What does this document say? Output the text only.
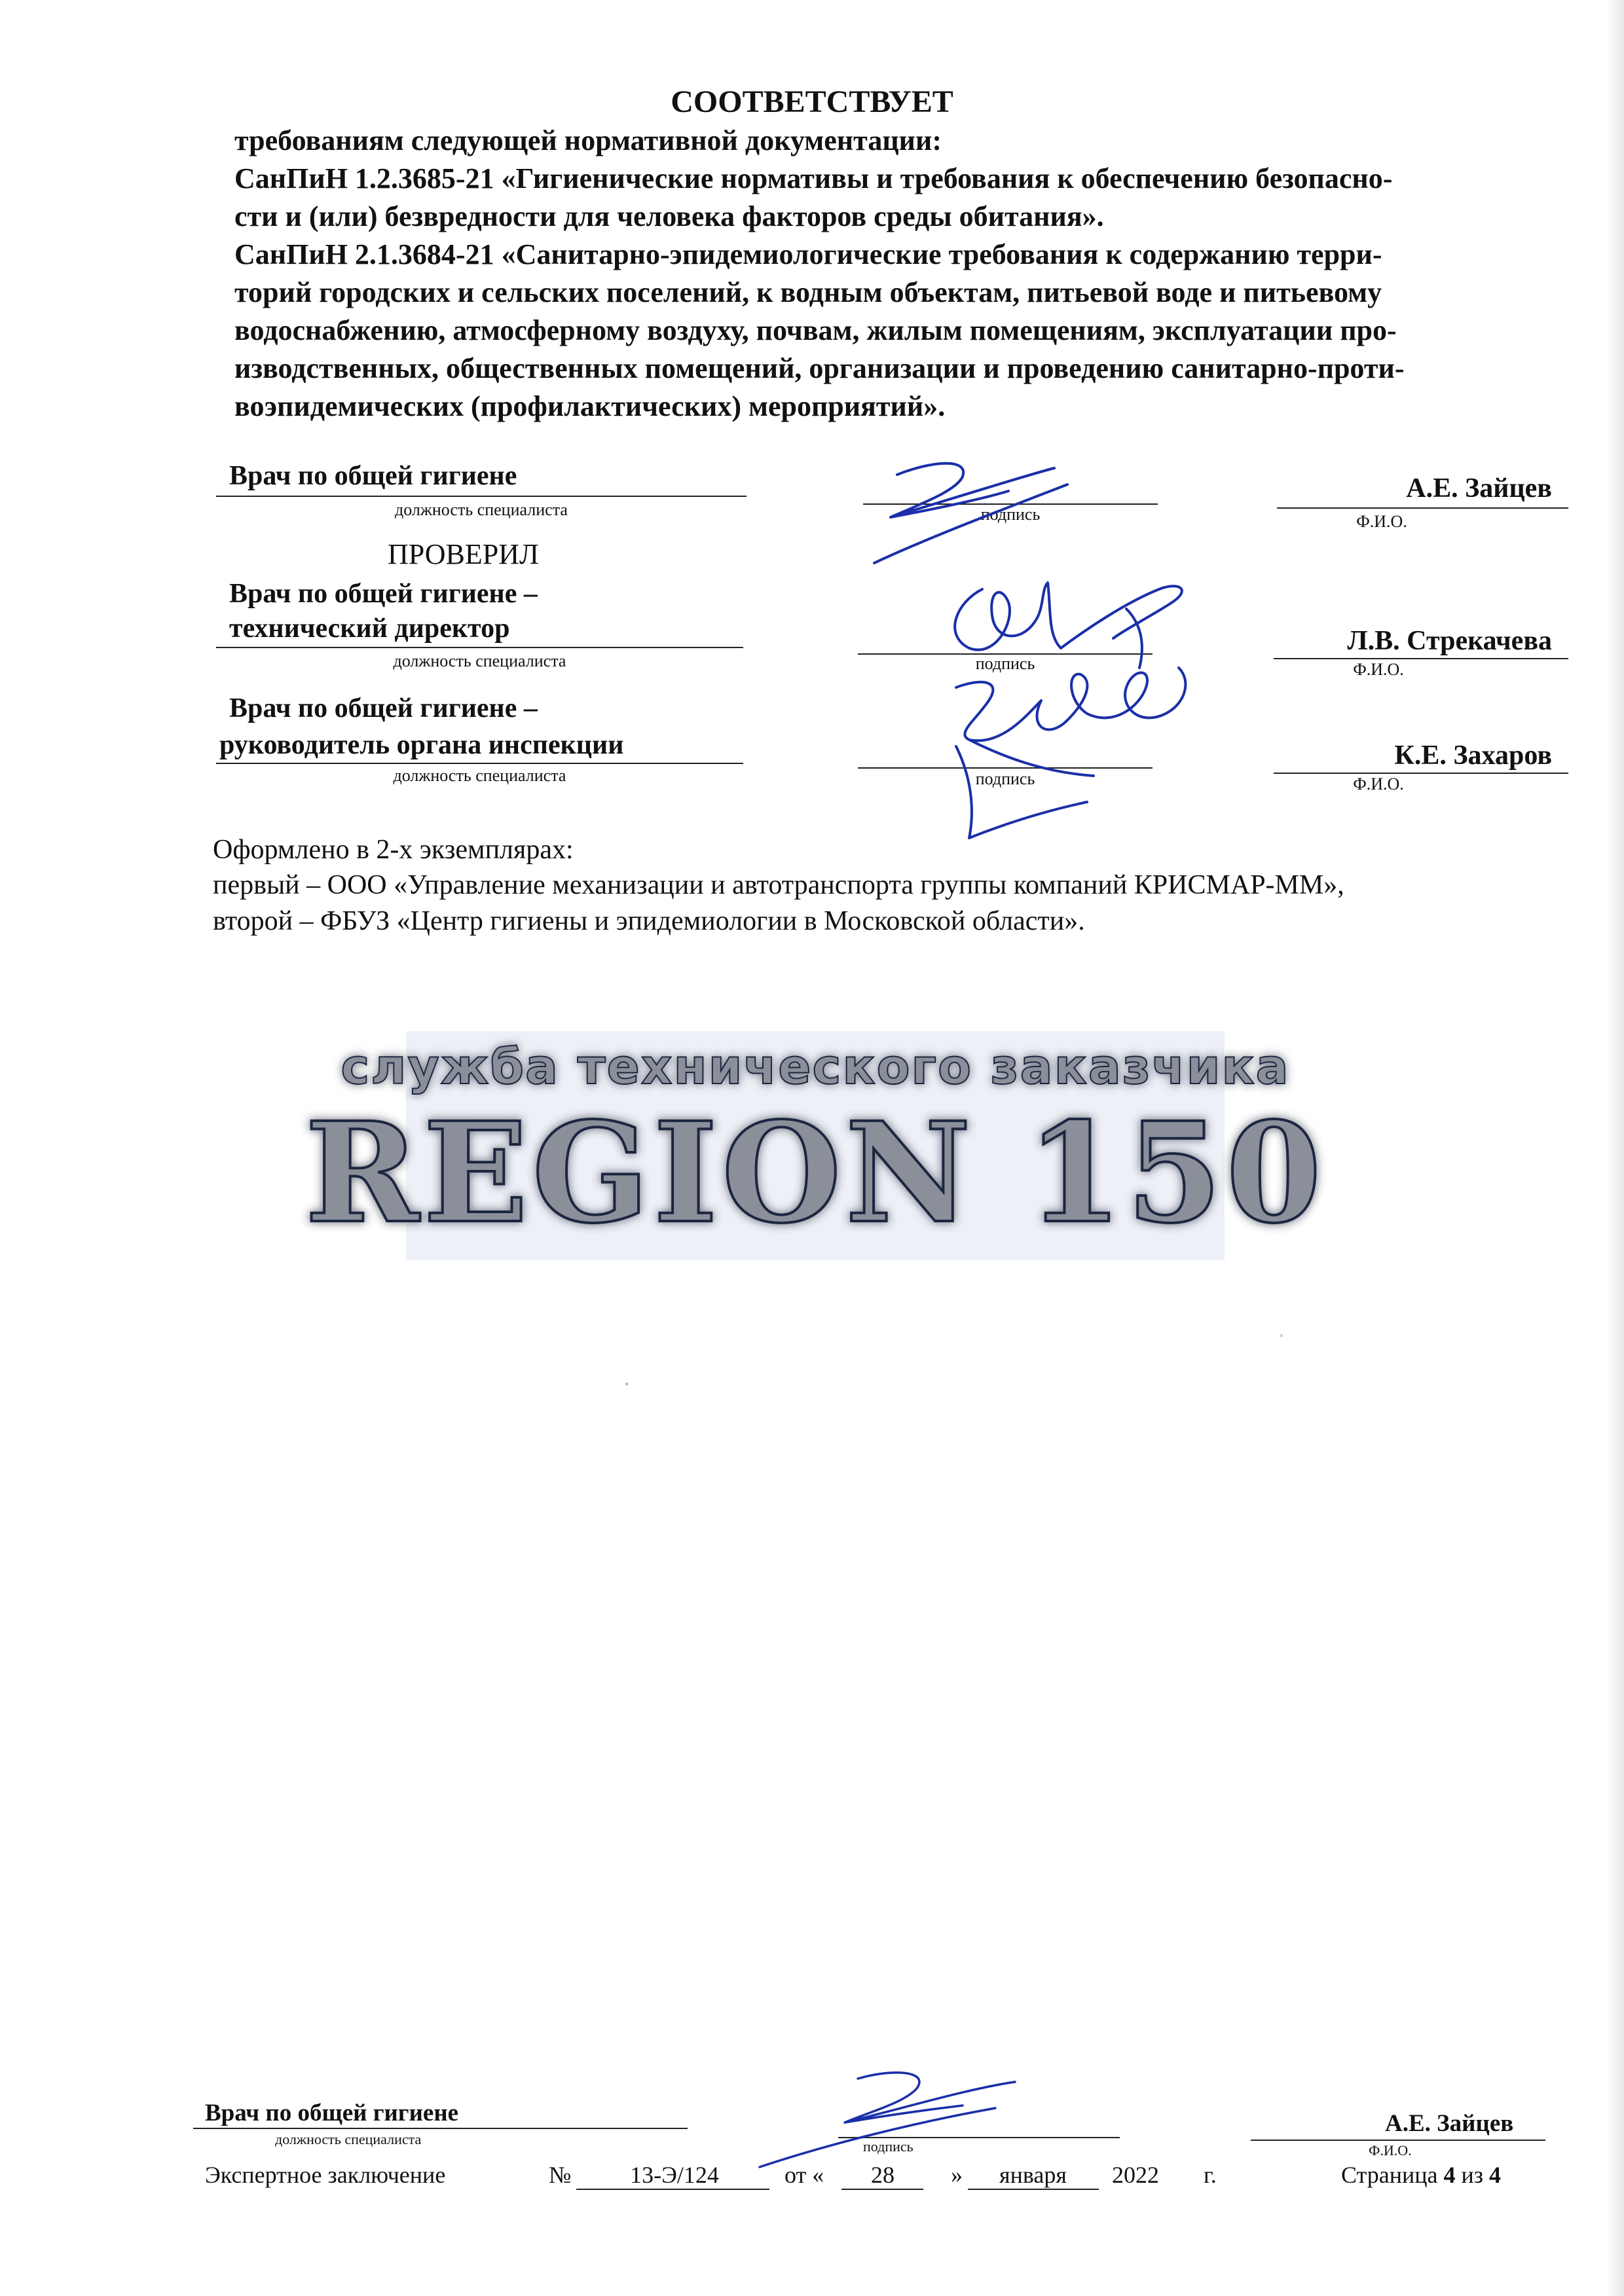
СООТВЕТСТВУЕТ

требованиям следующей нормативной документации:

СанПиН 1.2.3685-21 «Гигиенические нормативы и требования к обеспечению безопасно-

сти и (или) безвредности для человека факторов среды обитания».

СанПиН 2.1.3684-21 «Санитарно-эпидемиологические требования к содержанию терри-

торий городских и сельских поселений, к водным объектам, питьевой воде и питьевому

водоснабжению, атмосферному воздуху, почвам, жилым помещениям, эксплуатации про-

изводственных, общественных помещений, организации и проведению санитарно-проти-

воэпидемических (профилактических) мероприятий».

Врач по общей гигиене
должность специалиста	подпись
А.Е. Зайцев
Ф.И.О.
ПРОВЕРИЛ
Врач по общей гигиене –
технический директор
должность специалиста	подпись
Л.В. Стрекачева
Ф.И.О.
Врач по общей гигиене –
руководитель органа инспекции
должность специалиста	подпись
К.Е. Захаров
Ф.И.О.
Оформлено в 2-х экземплярах:
первый – ООО «Управление механизации и автотранспорта группы компаний КРИСМАР-ММ»,
второй – ФБУЗ «Центр гигиены и эпидемиологии в Московской области».
служба технического заказчика
REGION 150
Врач по общей гигиене
должность специалиста	подпись
А.Е. Зайцев
Ф.И.О.
Экспертное заключение	№	13-Э/124	от «	28	»	января	2022 г.	Страница 4 из 4
